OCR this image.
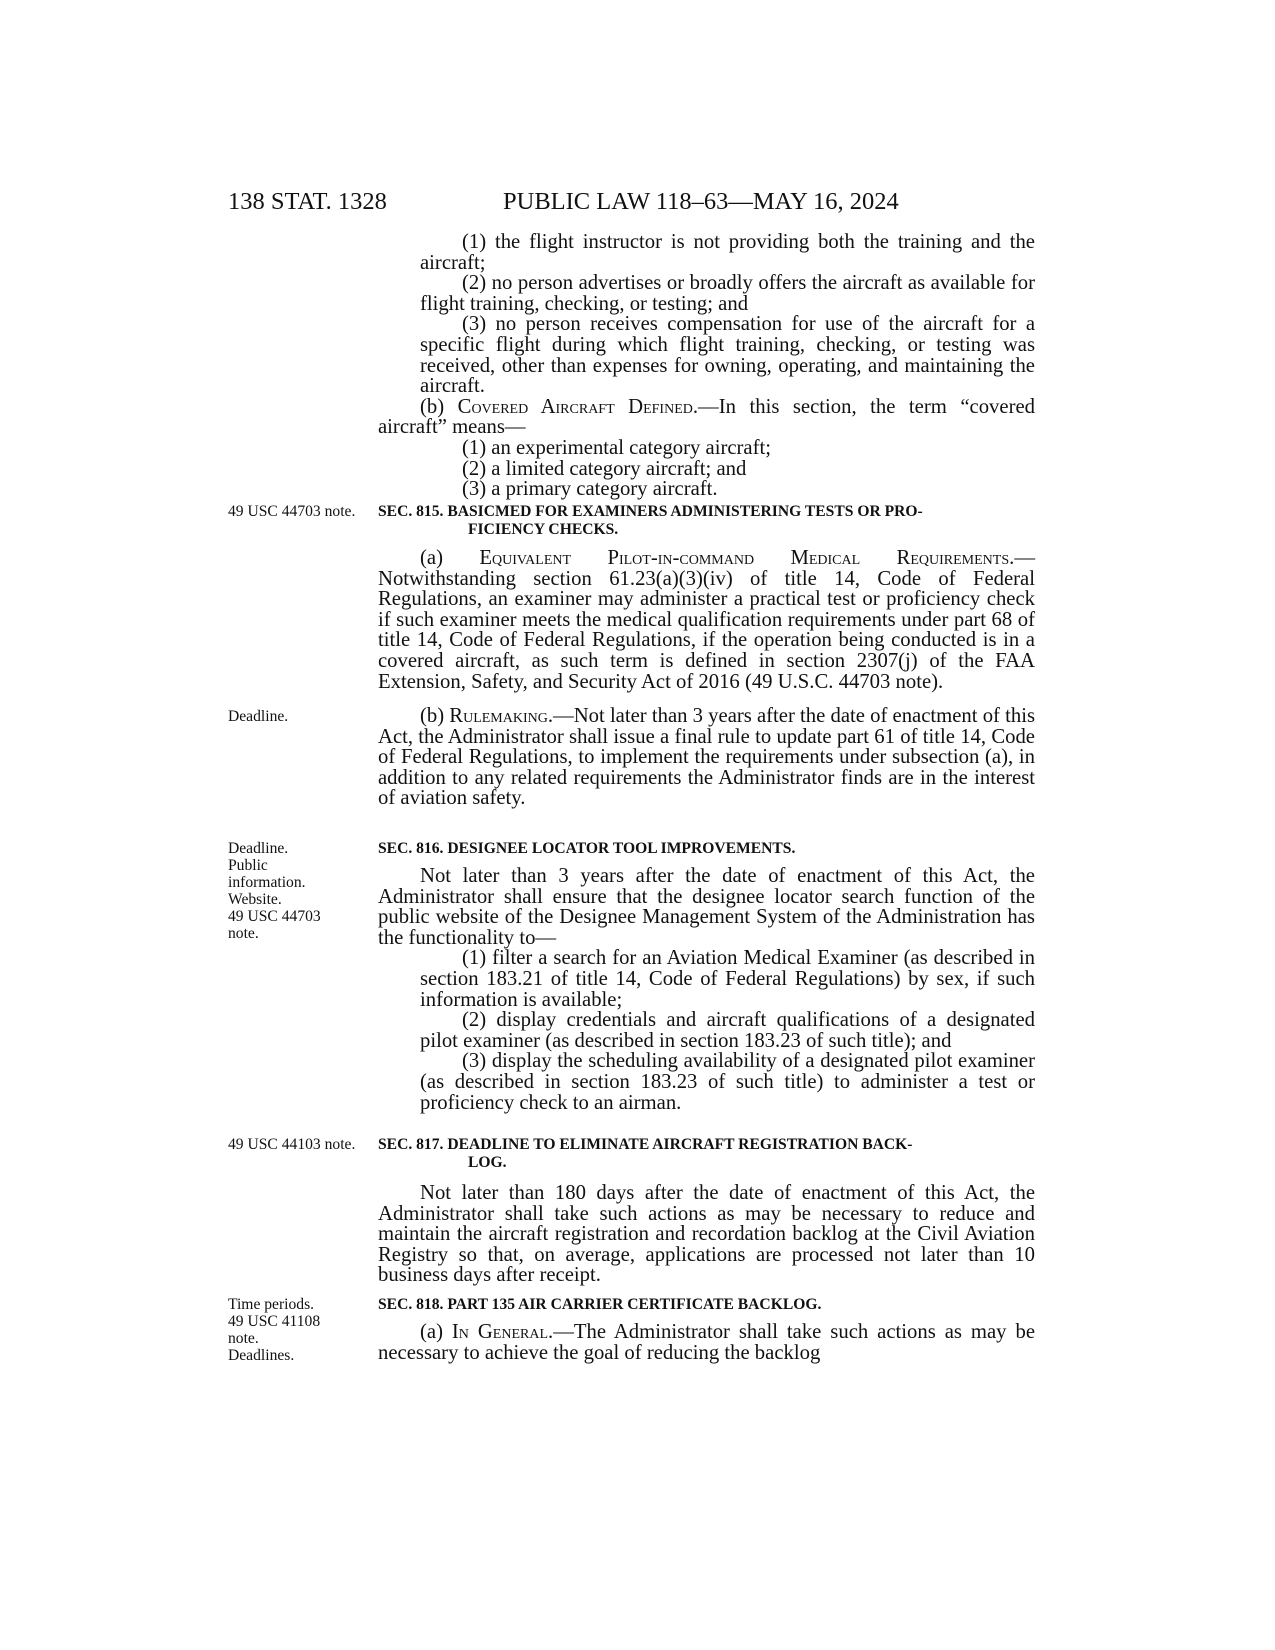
138 STAT. 1328	PUBLIC LAW 118–63—MAY 16, 2024

(1) the flight instructor is not providing both the training and the aircraft;

(2) no person advertises or broadly offers the aircraft as available for flight training, checking, or testing; and

(3) no person receives compensation for use of the aircraft for a specific flight during which flight training, checking, or testing was received, other than expenses for owning, operating, and maintaining the aircraft.

(b) Covered Aircraft Defined.—In this section, the term “covered aircraft” means—

(1) an experimental category aircraft;

(2) a limited category aircraft; and

(3) a primary category aircraft.

49 USC 44703 note. SEC. 815. BASICMED FOR EXAMINERS ADMINISTERING TESTS OR PRO-
FICIENCY CHECKS.

(a) Equivalent Pilot-in-command Medical Requirements.— Notwithstanding section 61.23(a)(3)(iv) of title 14, Code of Federal Regulations, an examiner may administer a practical test or proficiency check if such examiner meets the medical qualification requirements under part 68 of title 14, Code of Federal Regulations, if the operation being conducted is in a covered aircraft, as such term is defined in section 2307(j) of the FAA Extension, Safety, and Security Act of 2016 (49 U.S.C. 44703 note).

Deadline.	(b) Rulemaking.—Not later than 3 years after the date of enactment of this Act, the Administrator shall issue a final rule to update part 61 of title 14, Code of Federal Regulations, to implement the requirements under subsection (a), in addition to any related requirements the Administrator finds are in the interest of aviation safety.

Deadline.
Public
information.
Website.
49 USC 44703
note.
SEC. 816. DESIGNEE LOCATOR TOOL IMPROVEMENTS.

Not later than 3 years after the date of enactment of this Act, the Administrator shall ensure that the designee locator search function of the public website of the Designee Management System of the Administration has the functionality to—

(1) filter a search for an Aviation Medical Examiner (as described in section 183.21 of title 14, Code of Federal Regulations) by sex, if such information is available;

(2) display credentials and aircraft qualifications of a designated pilot examiner (as described in section 183.23 of such title); and

(3) display the scheduling availability of a designated pilot examiner (as described in section 183.23 of such title) to administer a test or proficiency check to an airman.

49 USC 44103 note. SEC. 817. DEADLINE TO ELIMINATE AIRCRAFT REGISTRATION BACK-
LOG.

Not later than 180 days after the date of enactment of this Act, the Administrator shall take such actions as may be necessary to reduce and maintain the aircraft registration and recordation backlog at the Civil Aviation Registry so that, on average, applications are processed not later than 10 business days after receipt.

Time periods.
49 USC 41108
note.
Deadlines.
SEC. 818. PART 135 AIR CARRIER CERTIFICATE BACKLOG.

(a) In General.—The Administrator shall take such actions as may be necessary to achieve the goal of reducing the backlog
